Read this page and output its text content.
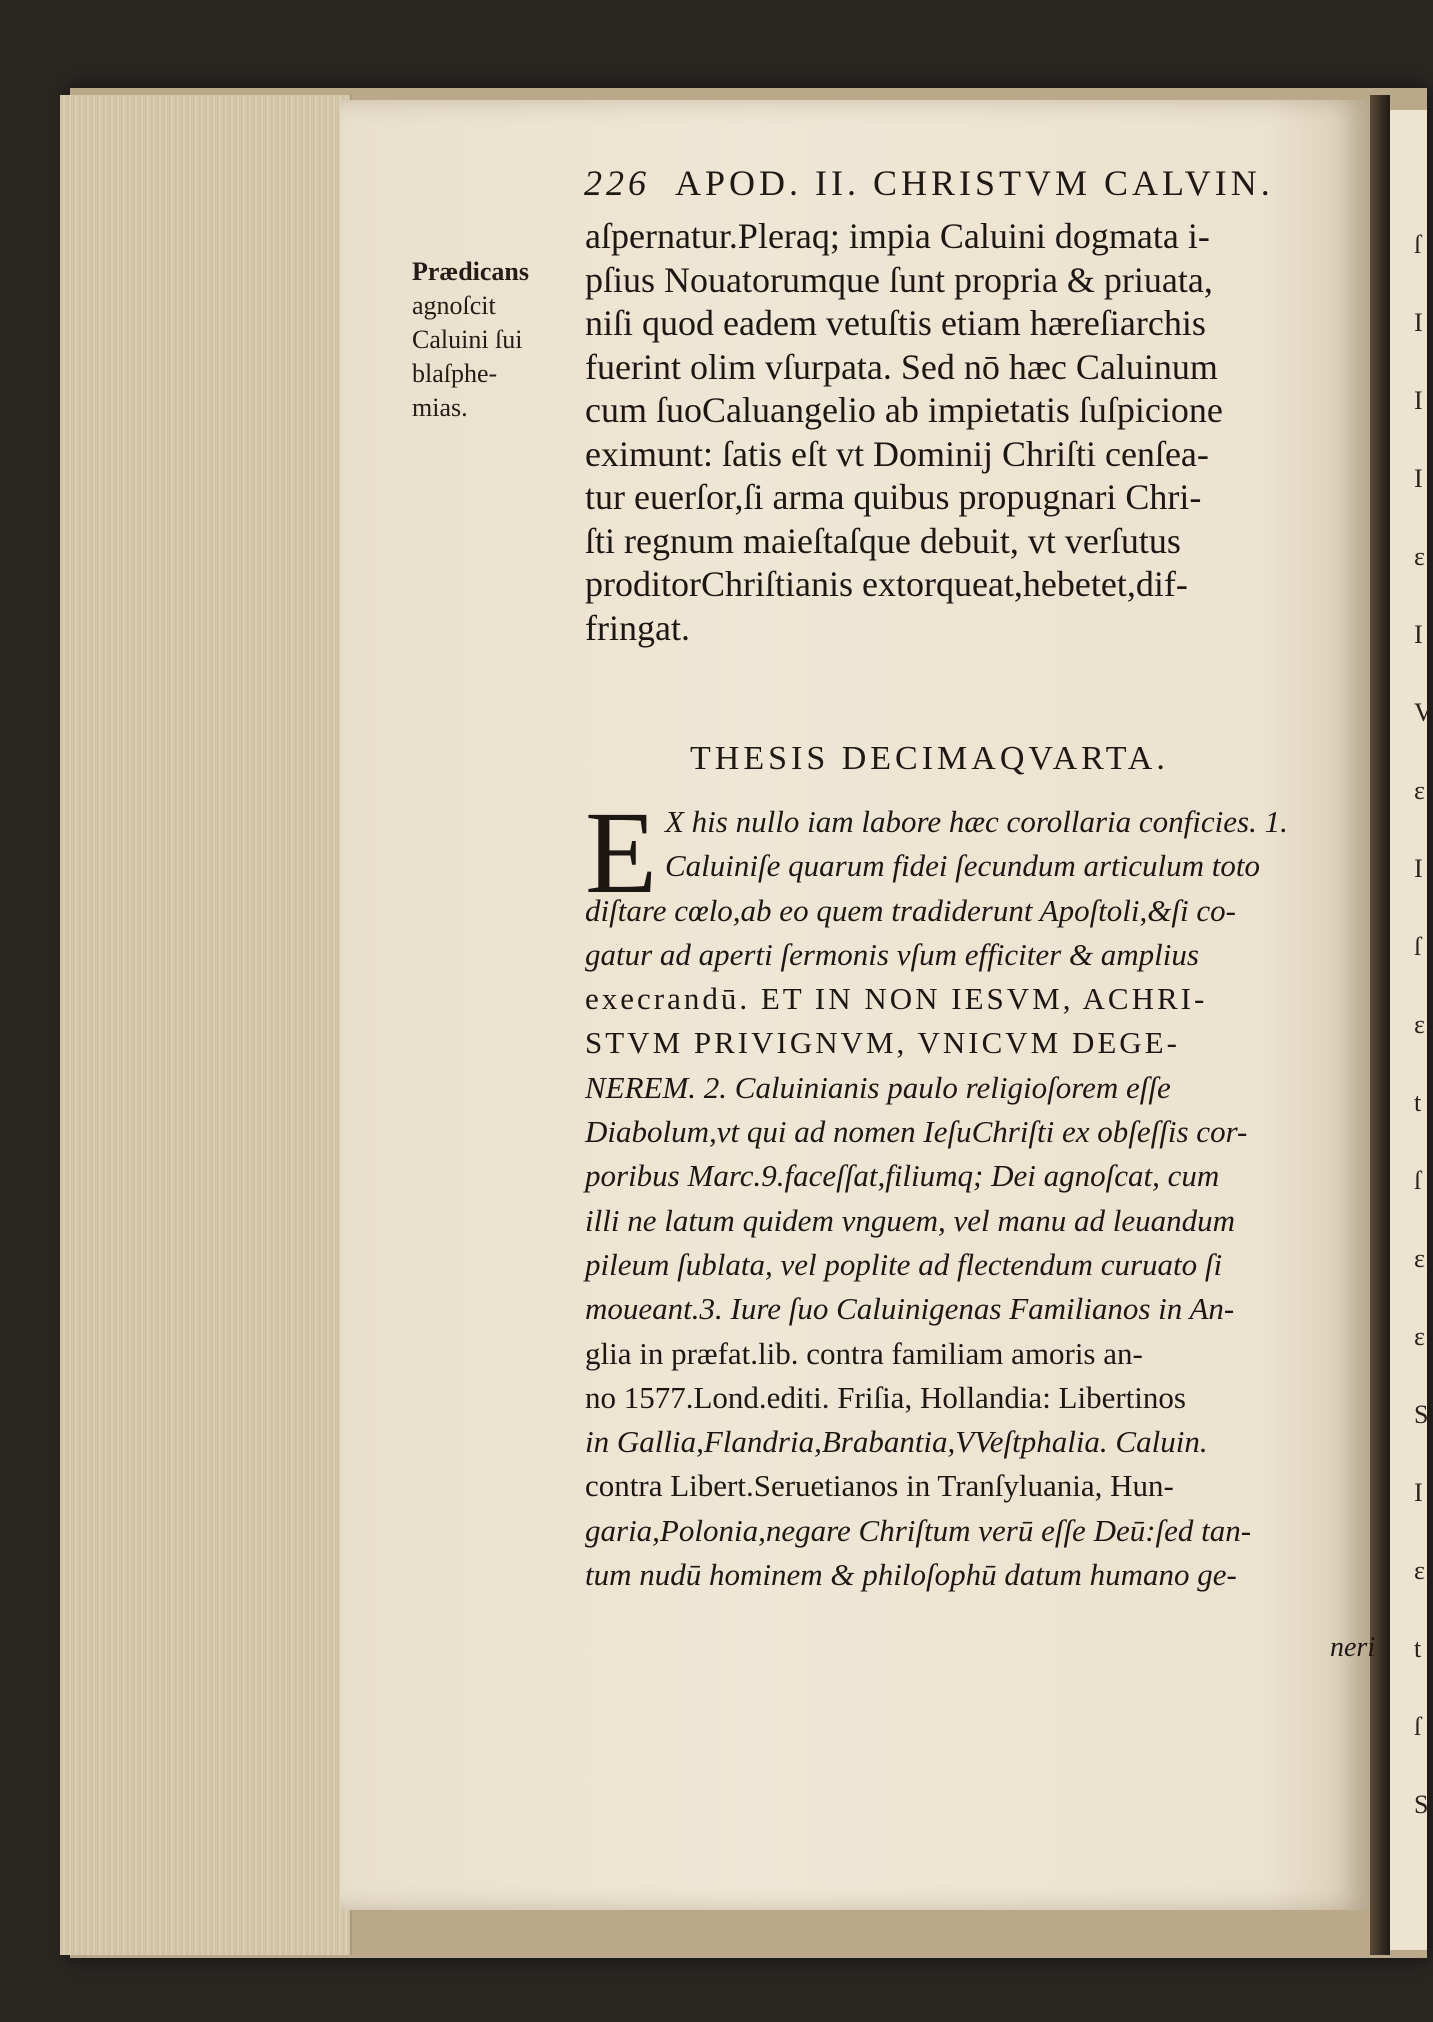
226 APOD. II. CHRISTVM CALVIN.
Prædicans
agnoſcit
Caluini ſui
blaſphe-
mias.
aſpernatur.Pleraq; impia Caluini dogmata i-
pſius Nouatorumque ſunt propria & priuata,
niſi quod eadem vetuſtis etiam hæreſiarchis
fuerint olim vſurpata. Sed nō hæc Caluinum
cum ſuoCaluangelio ab impietatis ſuſpicione
eximunt: ſatis eſt vt Dominij Chriſti cenſea-
tur euerſor,ſi arma quibus propugnari Chri-
ſti regnum maieſtaſque debuit, vt verſutus
proditorChriſtianis extorqueat,hebetet,dif-
fringat.
THESIS DECIMAQVARTA.
E X his nullo iam labore hæc corollaria conficies. 1.
Caluiniſe quarum fidei ſecundum articulum toto
diſtare cœlo,ab eo quem tradiderunt Apoſtoli,&ſi co-
gatur ad aperti ſermonis vſum efficiter & amplius
execrandū. ET IN NON IESVM, ACHRI-
STVM PRIVIGNVM, VNICVM DEGE-
NEREM. 2. Caluinianis paulo religioſorem eſſe
Diabolum,vt qui ad nomen IeſuChriſti ex obſeſſis cor-
poribus Marc.9.faceſſat,filiumq; Dei agnoſcat, cum
illi ne latum quidem vnguem, vel manu ad leuandum
pileum ſublata, vel poplite ad flectendum curuato ſi
moueant.3. Iure ſuo Caluinigenas Familianos in An-
glia in præfat.lib. contra familiam amoris an-
no 1577.Lond.editi. Friſia, Hollandia: Libertinos
in Gallia,Flandria,Brabantia,VVeſtphalia. Caluin.
contra Libert.Seruetianos in Tranſyluania, Hun-
garia,Polonia,negare Chriſtum verū eſſe Deū:ſed tan-
tum nudū hominem & philoſophū datum humano ge-
neri
ſ
I
I
I
ɛ
I
V
ɛ
I
ſ
ɛ
t
ſ
ɛ
ɛ
S
I
ɛ
t
ſ
S
